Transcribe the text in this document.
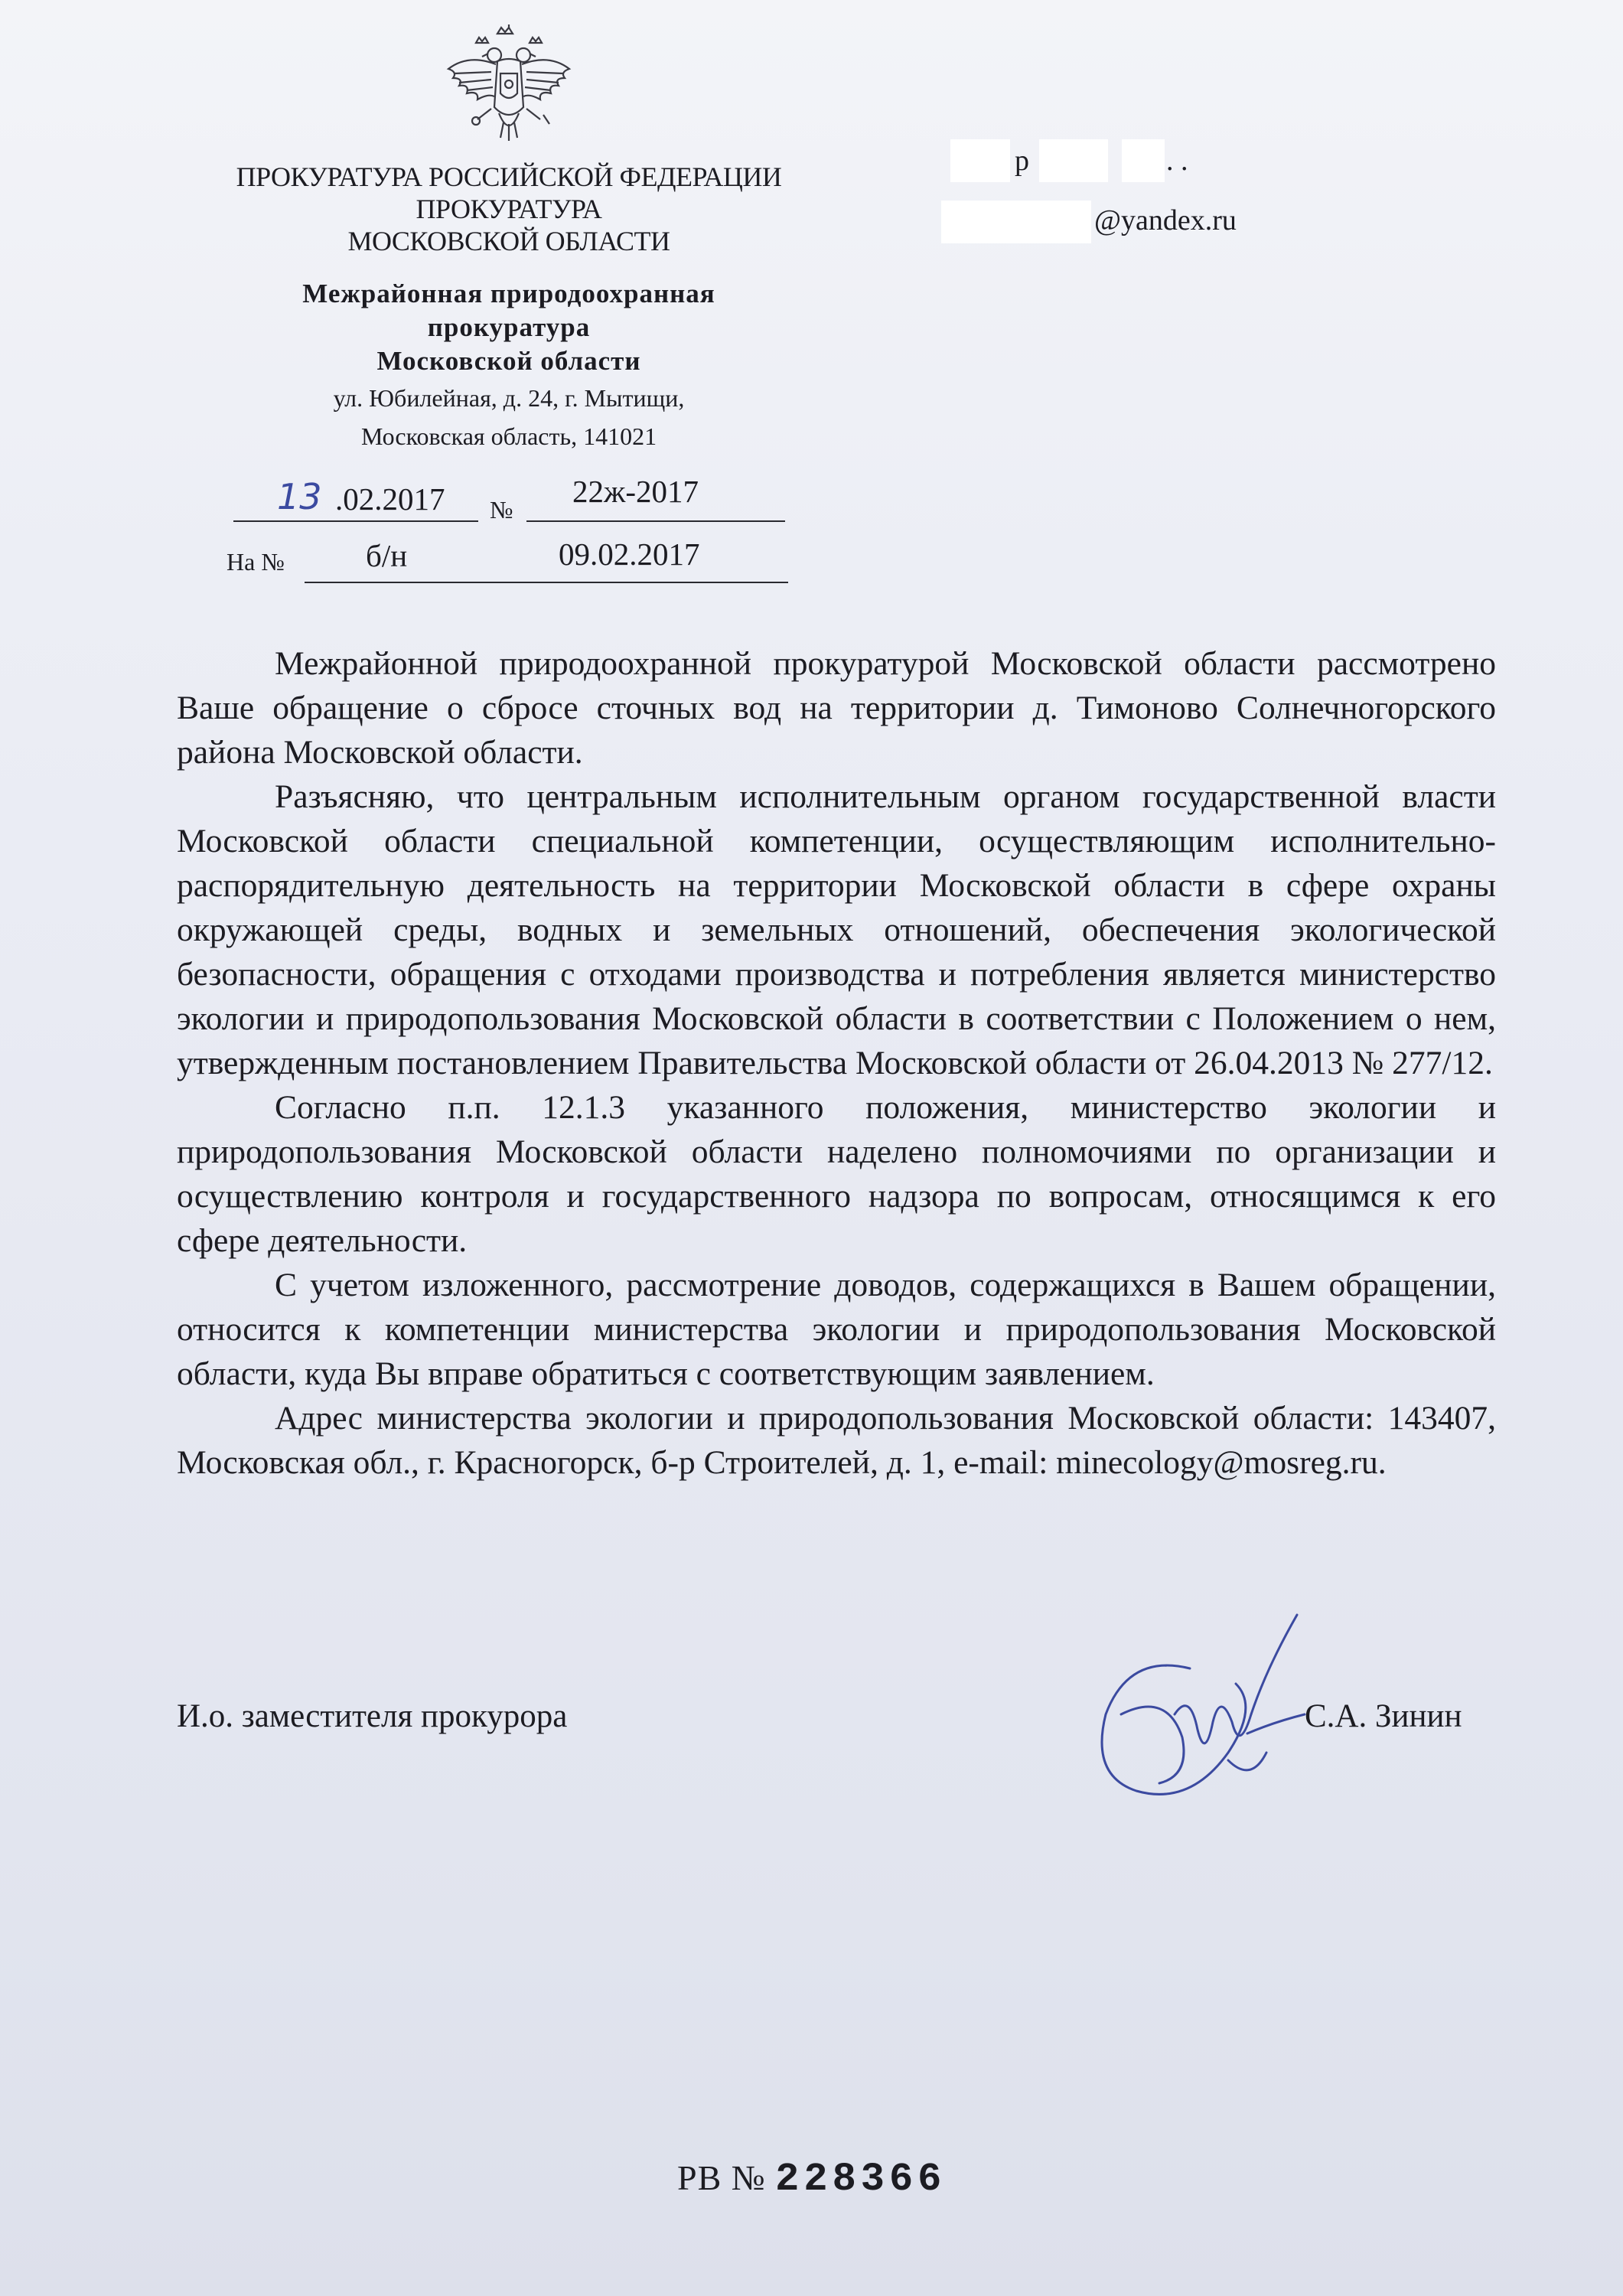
ПРОКУРАТУРА РОССИЙСКОЙ ФЕДЕРАЦИИ
ПРОКУРАТУРА
МОСКОВСКОЙ ОБЛАСТИ
Межрайонная природоохранная
прокуратура
Московской области
ул. Юбилейная, д. 24, г. Мытищи,
Московская область, 141021
р	. .
@yandex.ru
13 .02.2017 №
22ж-2017
На №	б/н	09.02.2017

Межрайонной природоохранной прокуратурой Московской области рассмотрено Ваше обращение о сбросе сточных вод на территории д. Тимоново Солнечногорского района Московской области.

Разъясняю, что центральным исполнительным органом государственной власти Московской области специальной компетенции, осуществляющим исполнительно-распорядительную деятельность на территории Московской области в сфере охраны окружающей среды, водных и земельных отношений, обеспечения экологической безопасности, обращения с отходами производства и потребления является министерство экологии и природопользования Московской области в соответствии с Положением о нем, утвержденным постановлением Правительства Московской области от 26.04.2013 № 277/12.

Согласно п.п. 12.1.3 указанного положения, министерство экологии и природопользования Московской области наделено полномочиями по организации и осуществлению контроля и государственного надзора по вопросам, относящимся к его сфере деятельности.

С учетом изложенного, рассмотрение доводов, содержащихся в Вашем обращении, относится к компетенции министерства экологии и природопользования Московской области, куда Вы вправе обратиться с соответствующим заявлением.

Адрес министерства экологии и природопользования Московской области: 143407, Московская обл., г. Красногорск, б-р Строителей, д. 1, e-mail: minecology@mosreg.ru.

И.о. заместителя прокурора	С.А. Зинин
РВ № 228366
